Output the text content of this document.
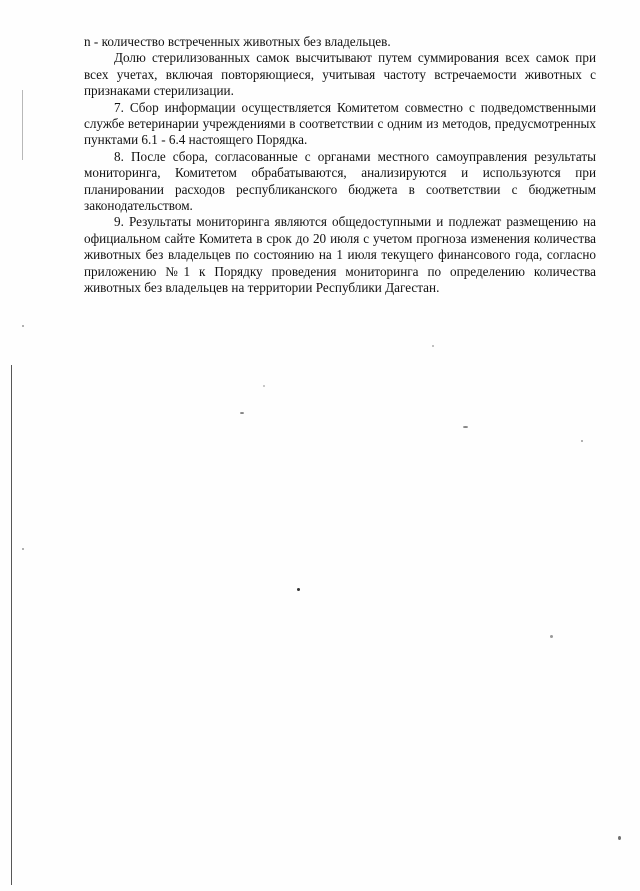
n - количество встреченных животных без владельцев.

Долю стерилизованных самок высчитывают путем суммирования всех самок при всех учетах, включая повторяющиеся, учитывая частоту встречаемости животных с признаками стерилизации.

7. Сбор информации осуществляется Комитетом совместно с подведомственными службе ветеринарии учреждениями в соответствии с одним из методов, предусмотренных пунктами 6.1 - 6.4 настоящего Порядка.

8. После сбора, согласованные с органами местного самоуправления результаты мониторинга, Комитетом обрабатываются, анализируются и используются при планировании расходов республиканского бюджета в соответствии с бюджетным законодательством.

9. Результаты мониторинга являются общедоступными и подлежат размещению на официальном сайте Комитета в срок до 20 июля с учетом прогноза изменения количества животных без владельцев по состоянию на 1 июля текущего финансового года, согласно приложению №1 к Порядку проведения мониторинга по определению количества животных без владельцев на территории Республики Дагестан.
